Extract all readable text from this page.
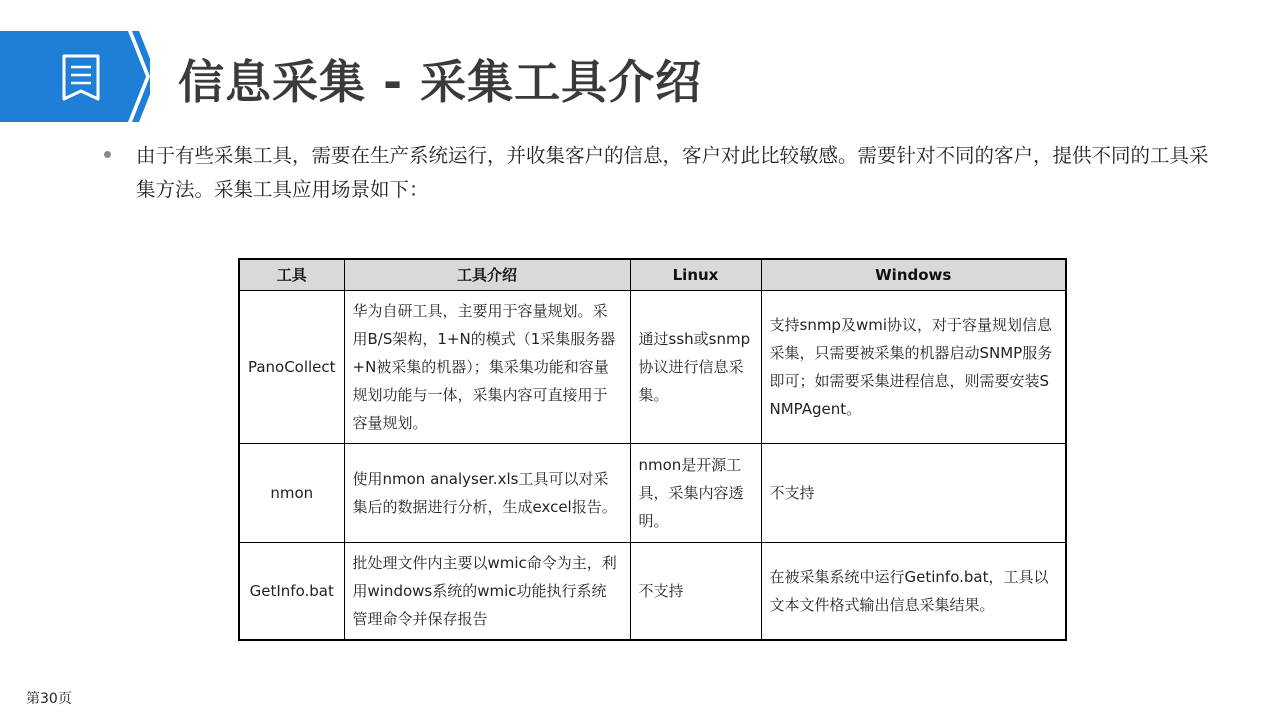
信息采集 - 采集工具介绍
由于有些采集工具，需要在生产系统运行，并收集客户的信息，客户对此比较敏感。需要针对不同的客户，提供不同的工具采集方法。采集工具应用场景如下：
工具	工具介绍	Linux	Windows
PanoCollect	华为自研工具，主要用于容量规划。采用B/S架构，1+N的模式（1采集服务器+N被采集的机器）；集采集功能和容量规划功能与一体，采集内容可直接用于容量规划。	通过ssh或snmp协议进行信息采集。	支持snmp及wmi协议，对于容量规划信息采集，只需要被采集的机器启动SNMP服务即可；如需要采集进程信息，则需要安装SNMPAgent。
nmon	使用nmon analyser.xls工具可以对采集后的数据进行分析，生成excel报告。	nmon是开源工具，采集内容透明。	不支持
GetInfo.bat	批处理文件内主要以wmic命令为主，利用windows系统的wmic功能执行系统管理命令并保存报告	不支持	在被采集系统中运行Getinfo.bat，工具以文本文件格式输出信息采集结果。
第30页
